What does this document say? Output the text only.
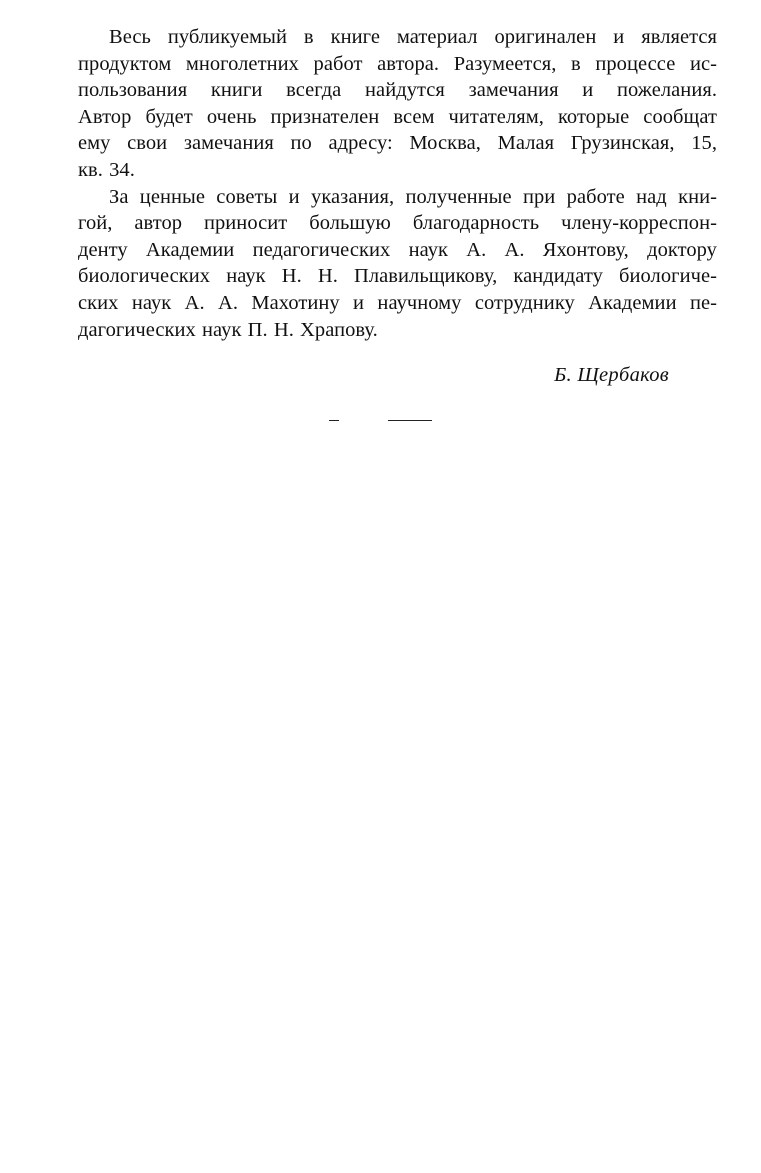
Весь публикуемый в книге материал оригинален и является
продуктом многолетних работ автора. Разумеется, в процессе ис-
пользования книги всегда найдутся замечания и пожелания.
Автор будет очень признателен всем читателям, которые сообщат
ему свои замечания по адресу: Москва, Малая Грузинская, 15,
кв. 34.
За ценные советы и указания, полученные при работе над кни-
гой, автор приносит большую благодарность члену-корреспон-
денту Академии педагогических наук А. А. Яхонтову, доктору
биологических наук Н. Н. Плавильщикову, кандидату биологиче-
ских наук А. А. Махотину и научному сотруднику Академии пе-
дагогических наук П. Н. Храпову.
Б. Щербаков
